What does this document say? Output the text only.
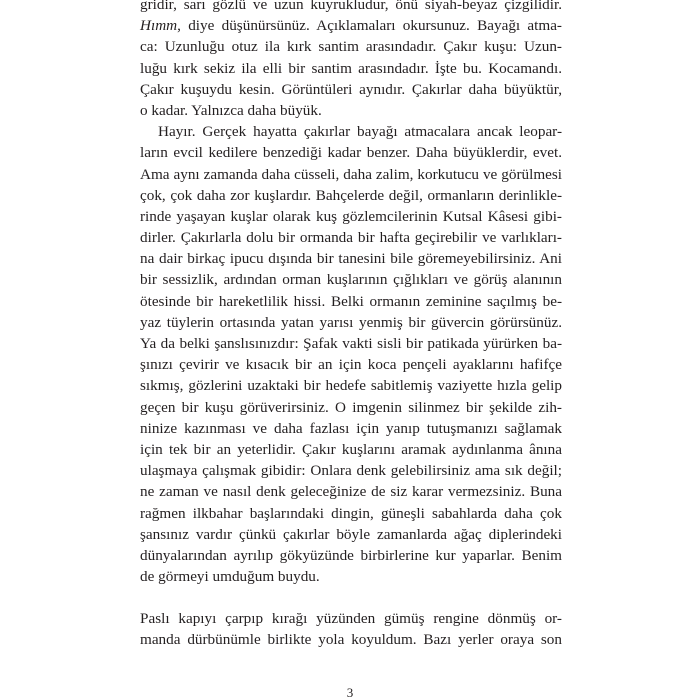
gridir, sarı gözlü ve uzun kuyrukludur, önü siyah-beyaz çizgilidir.
Hımm, diye düşünürsünüz. Açıklamaları okursunuz. Bayağı atma-
ca: Uzunluğu otuz ila kırk santim arasındadır. Çakır kuşu: Uzun-
luğu kırk sekiz ila elli bir santim arasındadır. İşte bu. Kocamandı.
Çakır kuşuydu kesin. Görüntüleri aynıdır. Çakırlar daha büyüktür,
o kadar. Yalnızca daha büyük.
Hayır. Gerçek hayatta çakırlar bayağı atmacalara ancak leopar-
ların evcil kedilere benzediği kadar benzer. Daha büyüklerdir, evet.
Ama aynı zamanda daha cüsseli, daha zalim, korkutucu ve görülmesi
çok, çok daha zor kuşlardır. Bahçelerde değil, ormanların derinlikle-
rinde yaşayan kuşlar olarak kuş gözlemcilerinin Kutsal Kâsesi gibi-
dirler. Çakırlarla dolu bir ormanda bir hafta geçirebilir ve varlıkları-
na dair birkaç ipucu dışında bir tanesini bile göremeyebilirsiniz. Ani
bir sessizlik, ardından orman kuşlarının çığlıkları ve görüş alanının
ötesinde bir hareketlilik hissi. Belki ormanın zeminine saçılmış be-
yaz tüylerin ortasında yatan yarısı yenmiş bir güvercin görürsünüz.
Ya da belki şanslısınızdır: Şafak vakti sisli bir patikada yürürken ba-
şınızı çevirir ve kısacık bir an için koca pençeli ayaklarını hafifçe
sıkmış, gözlerini uzaktaki bir hedefe sabitlemiş vaziyette hızla gelip
geçen bir kuşu görüverirsiniz. O imgenin silinmez bir şekilde zih-
ninize kazınması ve daha fazlası için yanıp tutuşmanızı sağlamak
için tek bir an yeterlidir. Çakır kuşlarını aramak aydınlanma ânına
ulaşmaya çalışmak gibidir: Onlara denk gelebilirsiniz ama sık değil;
ne zaman ve nasıl denk geleceğinize de siz karar vermezsiniz. Buna
rağmen ilkbahar başlarındaki dingin, güneşli sabahlarda daha çok
şansınız vardır çünkü çakırlar böyle zamanlarda ağaç diplerindeki
dünyalarından ayrılıp gökyüzünde birbirlerine kur yaparlar. Benim
de görmeyi umduğum buydu.
Paslı kapıyı çarpıp kırağı yüzünden gümüş rengine dönmüş or-
manda dürbünümle birlikte yola koyuldum. Bazı yerler oraya son
3
